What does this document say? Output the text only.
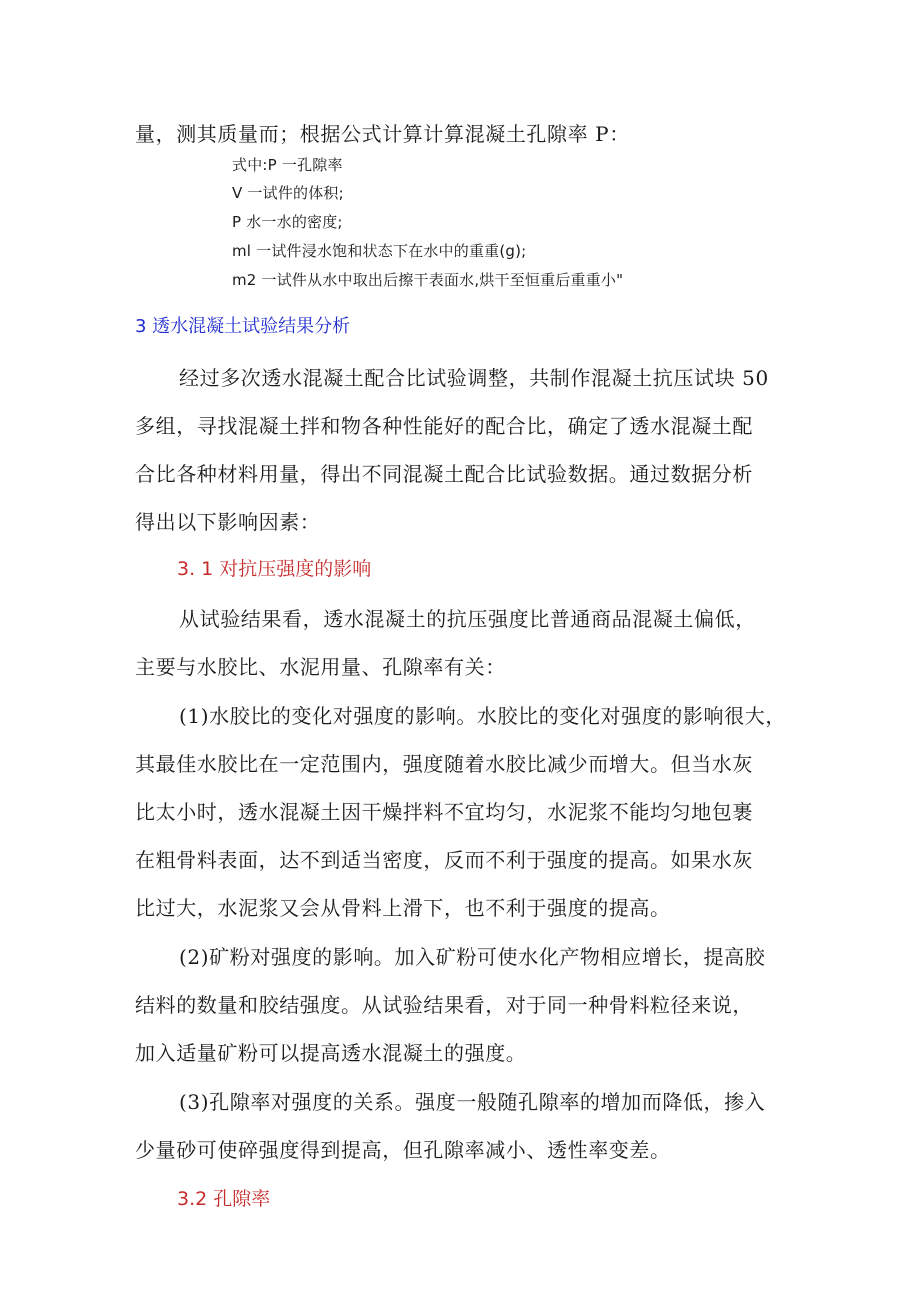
量，测其质量而；根据公式计算计算混凝土孔隙率 P：

式中:P 一孔隙率

V 一试件的体积;

P 水一水的密度;

ml 一试件浸水饱和状态下在水中的重重(g);

m2 一试件从水中取出后擦干表面水,烘干至恒重后重重小"

3 透水混凝土试验结果分析

经过多次透水混凝土配合比试验调整，共制作混凝土抗压试块 50

多组，寻找混凝土拌和物各种性能好的配合比，确定了透水混凝土配

合比各种材料用量，得出不同混凝土配合比试验数据。通过数据分析

得出以下影响因素：

3. 1 对抗压强度的影响

从试验结果看，透水混凝土的抗压强度比普通商品混凝土偏低，

主要与水胶比、水泥用量、孔隙率有关：

(1)水胶比的变化对强度的影响。水胶比的变化对强度的影响很大，

其最佳水胶比在一定范围内，强度随着水胶比减少而增大。但当水灰

比太小时，透水混凝土因干燥拌料不宜均匀，水泥浆不能均匀地包裹

在粗骨料表面，达不到适当密度，反而不利于强度的提高。如果水灰

比过大，水泥浆又会从骨料上滑下，也不利于强度的提高。

(2)矿粉对强度的影响。加入矿粉可使水化产物相应增长，提高胶

结料的数量和胶结强度。从试验结果看，对于同一种骨料粒径来说，

加入适量矿粉可以提高透水混凝土的强度。

(3)孔隙率对强度的关系。强度一般随孔隙率的增加而降低，掺入

少量砂可使碎强度得到提高，但孔隙率减小、透性率变差。

3.2 孔隙率
